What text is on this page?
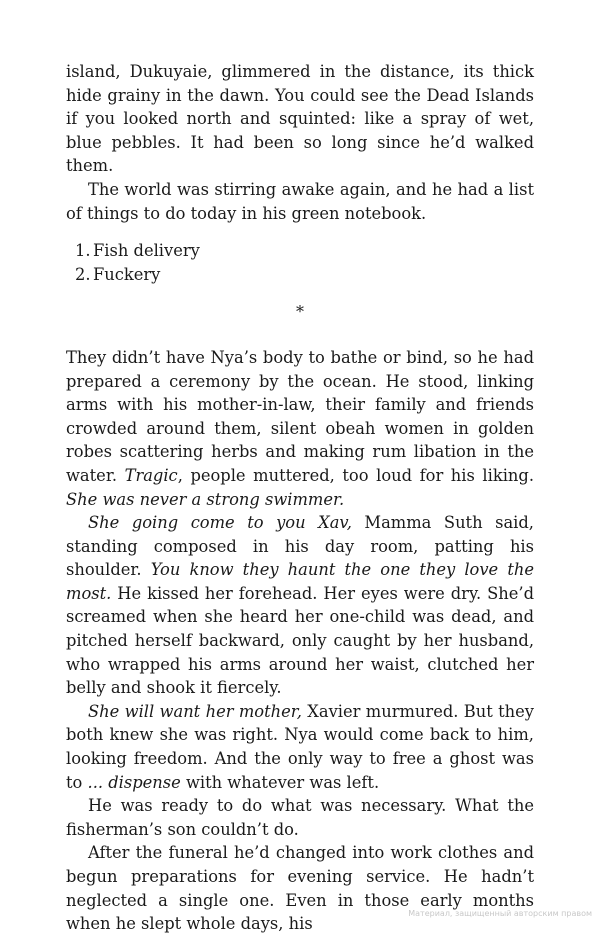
island, Dukuyaie, glimmered in the distance, its thick hide grainy in the dawn. You could see the Dead Islands if you looked north and squinted: like a spray of wet, blue pebbles. It had been so long since he’d walked them.

The world was stirring awake again, and he had a list of things to do today in his green notebook.

1. Fish delivery
2. Fuckery
*

They didn’t have Nya’s body to bathe or bind, so he had prepared a ceremony by the ocean. He stood, linking arms with his mother-in-law, their family and friends crowded around them, silent obeah women in golden robes scattering herbs and making rum libation in the water. Tragic, people muttered, too loud for his liking. She was never a strong swimmer.

She going come to you Xav, Mamma Suth said, standing composed in his day room, patting his shoulder. You know they haunt the one they love the most. He kissed her forehead. Her eyes were dry. She’d screamed when she heard her one-child was dead, and pitched herself backward, only caught by her husband, who wrapped his arms around her waist, clutched her belly and shook it fiercely.

She will want her mother, Xavier murmured. But they both knew she was right. Nya would come back to him, looking freedom. And the only way to free a ghost was to ... dispense with whatever was left.

He was ready to do what was necessary. What the fisherman’s son couldn’t do.

After the funeral he’d changed into work clothes and begun preparations for evening service. He hadn’t neglected a single one. Even in those early months when he slept whole days, his

Материал, защищенный авторским правом
